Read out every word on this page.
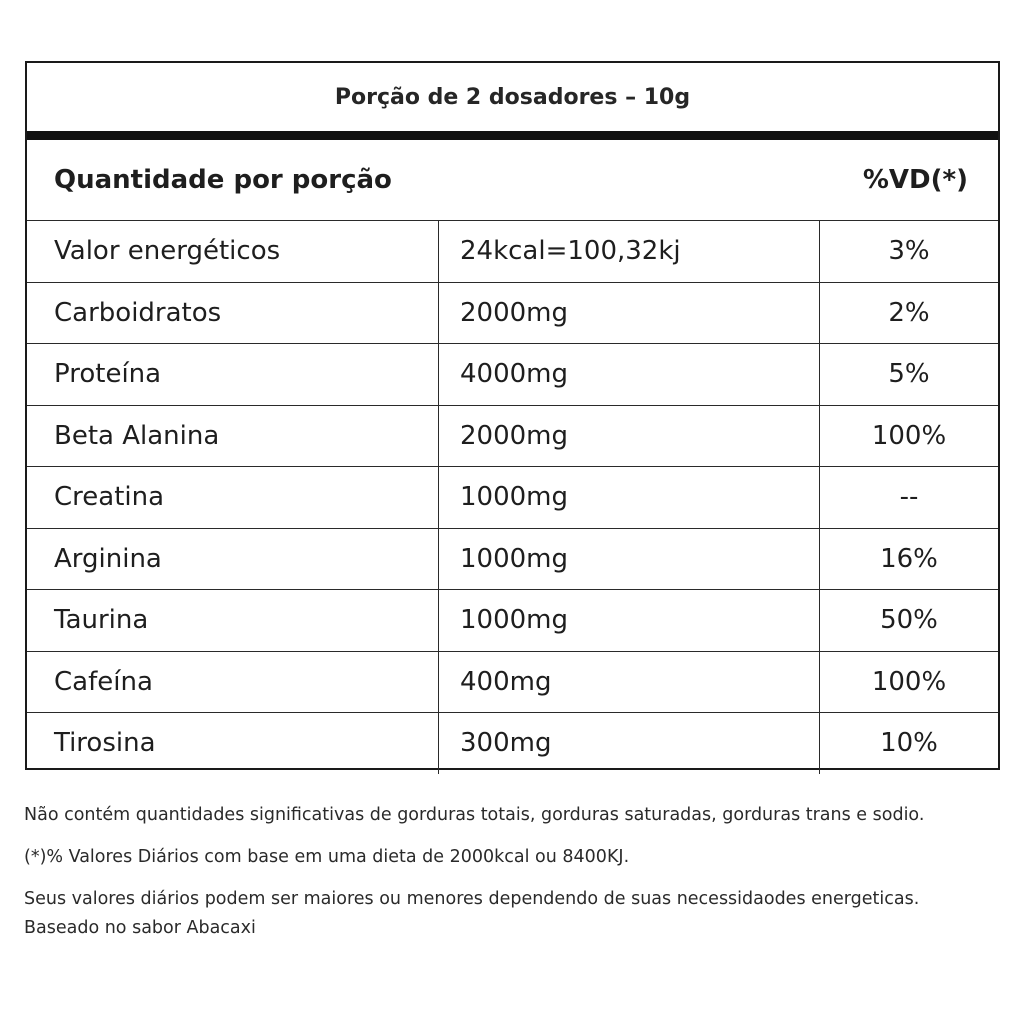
Porção de 2 dosadores – 10g
Quantidade por porção	%VD(*)
Valor energéticos	24kcal=100,32kj	3%
Carboidratos	2000mg	2%
Proteína	4000mg	5%
Beta Alanina	2000mg	100%
Creatina	1000mg	--
Arginina	1000mg	16%
Taurina	1000mg	50%
Cafeína	400mg	100%
Tirosina	300mg	10%

Não contém quantidades significativas de gorduras totais, gorduras saturadas, gorduras trans e sodio.

(*)% Valores Diários com base em uma dieta de 2000kcal ou 8400KJ.

Seus valores diários podem ser maiores ou menores dependendo de suas necessidaodes energeticas. Baseado no sabor Abacaxi
